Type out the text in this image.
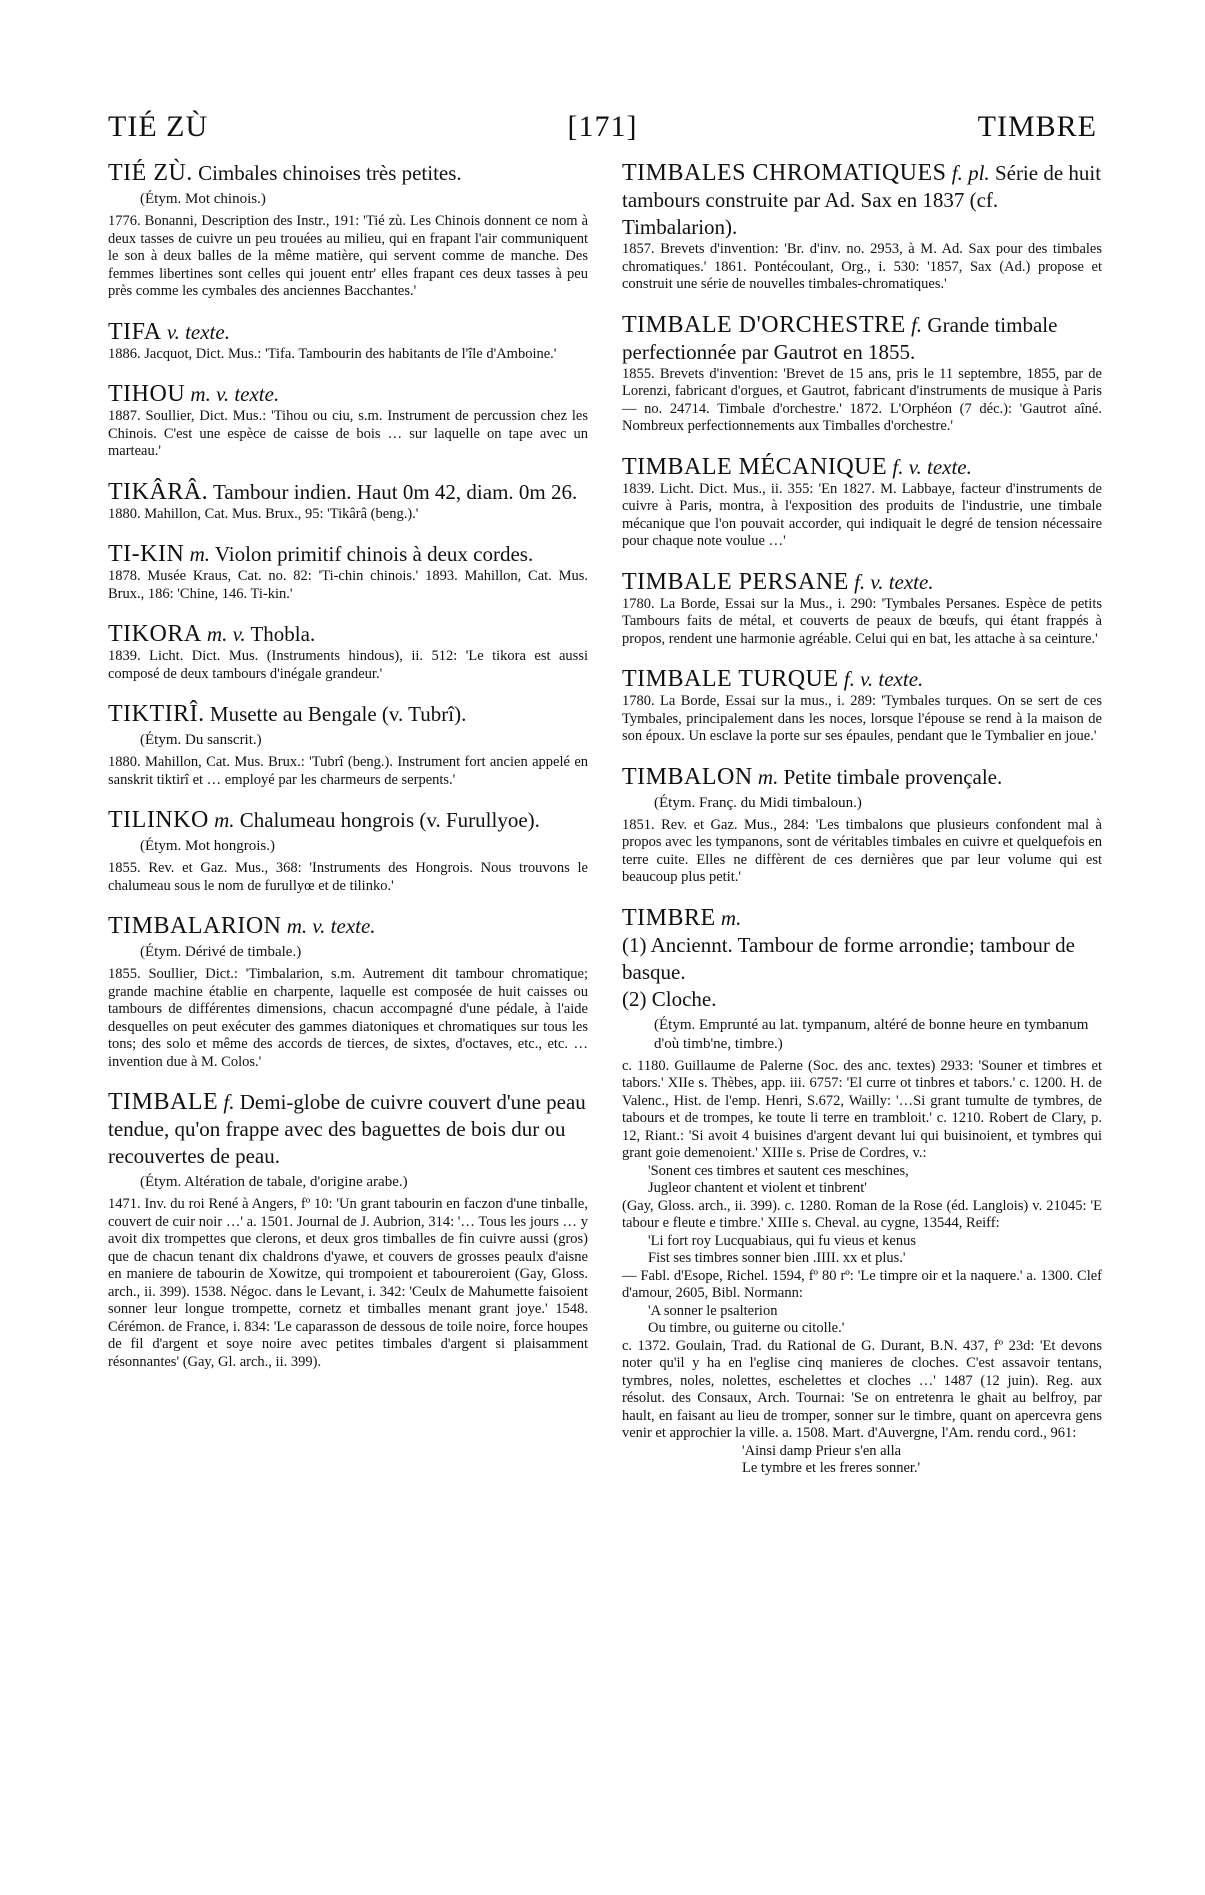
TIÉ ZÙ	[171]	TIMBRE
TIÉ ZÙ. Cimbales chinoises très petites.
(Étym. Mot chinois.)

1776. Bonanni, Description des Instr., 191: 'Tié zù. Les Chinois donnent ce nom à deux tasses de cuivre un peu trouées au milieu, qui en frapant l'air communiquent le son à deux balles de la même matière, qui servent comme de manche. Des femmes libertines sont celles qui jouent entr' elles frapant ces deux tasses à peu près comme les cymbales des anciennes Bacchantes.'

TIFA v. texte.

1886. Jacquot, Dict. Mus.: 'Tifa. Tambourin des habitants de l'île d'Amboine.'

TIHOU m. v. texte.

1887. Soullier, Dict. Mus.: 'Tihou ou ciu, s.m. Instrument de percussion chez les Chinois. C'est une espèce de caisse de bois … sur laquelle on tape avec un marteau.'

TIKÂRÂ. Tambour indien. Haut 0m 42, diam. 0m 26.

1880. Mahillon, Cat. Mus. Brux., 95: 'Tikârâ (beng.).'

TI-KIN m. Violon primitif chinois à deux cordes.

1878. Musée Kraus, Cat. no. 82: 'Ti-chin chinois.' 1893. Mahillon, Cat. Mus. Brux., 186: 'Chine, 146. Ti-kin.'

TIKORA m. v. Thobla.

1839. Licht. Dict. Mus. (Instruments hindous), ii. 512: 'Le tikora est aussi composé de deux tambours d'inégale grandeur.'

TIKTIRÎ. Musette au Bengale (v. Tubrî).
(Étym. Du sanscrit.)

1880. Mahillon, Cat. Mus. Brux.: 'Tubrî (beng.). Instrument fort ancien appelé en sanskrit tiktirî et … employé par les charmeurs de serpents.'

TILINKO m. Chalumeau hongrois (v. Furullyoe).
(Étym. Mot hongrois.)

1855. Rev. et Gaz. Mus., 368: 'Instruments des Hongrois. Nous trouvons le chalumeau sous le nom de furullyœ et de tilinko.'

TIMBALARION m. v. texte.
(Étym. Dérivé de timbale.)

1855. Soullier, Dict.: 'Timbalarion, s.m. Autrement dit tambour chromatique; grande machine établie en charpente, laquelle est composée de huit caisses ou tambours de différentes dimensions, chacun accompagné d'une pédale, à l'aide desquelles on peut exécuter des gammes diatoniques et chromatiques sur tous les tons; des solo et même des accords de tierces, de sixtes, d'octaves, etc., etc. … invention due à M. Colos.'

TIMBALE f. Demi-globe de cuivre couvert d'une peau tendue, qu'on frappe avec des baguettes de bois dur ou recouvertes de peau.
(Étym. Altération de tabale, d'origine arabe.)

1471. Inv. du roi René à Angers, fº 10: 'Un grant tabourin en faczon d'une tinballe, couvert de cuir noir …' a. 1501. Journal de J. Aubrion, 314: '… Tous les jours … y avoit dix trompettes que clerons, et deux gros timballes de fin cuivre aussi (gros) que de chacun tenant dix chaldrons d'yawe, et couvers de grosses peaulx d'aisne en maniere de tabourin de Xowitze, qui trompoient et taboureroient (Gay, Gloss. arch., ii. 399). 1538. Négoc. dans le Levant, i. 342: 'Ceulx de Mahumette faisoient sonner leur longue trompette, cornetz et timballes menant grant joye.' 1548. Cérémon. de France, i. 834: 'Le caparasson de dessous de toile noire, force houpes de fil d'argent et soye noire avec petites timbales d'argent si plaisamment résonnantes' (Gay, Gl. arch., ii. 399).

TIMBALES CHROMATIQUES f. pl. Série de huit tambours construite par Ad. Sax en 1837 (cf. Timbalarion).

1857. Brevets d'invention: 'Br. d'inv. no. 2953, à M. Ad. Sax pour des timbales chromatiques.' 1861. Pontécoulant, Org., i. 530: '1857, Sax (Ad.) propose et construit une série de nouvelles timbales-chromatiques.'

TIMBALE D'ORCHESTRE f. Grande timbale perfectionnée par Gautrot en 1855.

1855. Brevets d'invention: 'Brevet de 15 ans, pris le 11 septembre, 1855, par de Lorenzi, fabricant d'orgues, et Gautrot, fabricant d'instruments de musique à Paris — no. 24714. Timbale d'orchestre.' 1872. L'Orphéon (7 déc.): 'Gautrot aîné. Nombreux perfectionnements aux Timballes d'orchestre.'

TIMBALE MÉCANIQUE f. v. texte.

1839. Licht. Dict. Mus., ii. 355: 'En 1827. M. Labbaye, facteur d'instruments de cuivre à Paris, montra, à l'exposition des produits de l'industrie, une timbale mécanique que l'on pouvait accorder, qui indiquait le degré de tension nécessaire pour chaque note voulue …'

TIMBALE PERSANE f. v. texte.

1780. La Borde, Essai sur la Mus., i. 290: 'Tymbales Persanes. Espèce de petits Tambours faits de métal, et couverts de peaux de bœufs, qui étant frappés à propos, rendent une harmonie agréable. Celui qui en bat, les attache à sa ceinture.'

TIMBALE TURQUE f. v. texte.

1780. La Borde, Essai sur la mus., i. 289: 'Tymbales turques. On se sert de ces Tymbales, principalement dans les noces, lorsque l'épouse se rend à la maison de son époux. Un esclave la porte sur ses épaules, pendant que le Tymbalier en joue.'

TIMBALON m. Petite timbale provençale.
(Étym. Franç. du Midi timbaloun.)

1851. Rev. et Gaz. Mus., 284: 'Les timbalons que plusieurs confondent mal à propos avec les tympanons, sont de véritables timbales en cuivre et quelquefois en terre cuite. Elles ne diffèrent de ces dernières que par leur volume qui est beaucoup plus petit.'

TIMBRE m.
(1) Anciennt. Tambour de forme arrondie; tambour de basque.
(2) Cloche.
(Étym. Emprunté au lat. tympanum, altéré de bonne heure en tymbanum d'où timb'ne, timbre.)
c. 1180. Guillaume de Palerne (Soc. des anc. textes) 2933: 'Souner et timbres et tabors.' XIIe s. Thèbes, app. iii. 6757: 'El curre ot tinbres et tabors.' c. 1200. H. de Valenc., Hist. de l'emp. Henri, S.672, Wailly: '…Si grant tumulte de tymbres, de tabours et de trompes, ke toute li terre en trambloit.' c. 1210. Robert de Clary, p. 12, Riant.: 'Si avoit 4 buisines d'argent devant lui qui buisinoient, et tymbres qui grant goie demenoient.' XIIIe s. Prise de Cordres, v.:
'Sonent ces timbres et sautent ces meschines,
Jugleor chantent et violent et tinbrent'
(Gay, Gloss. arch., ii. 399). c. 1280. Roman de la Rose (éd. Langlois) v. 21045: 'E tabour e fleute e timbre.' XIIIe s. Cheval. au cygne, 13544, Reiff:
'Li fort roy Lucquabiaus, qui fu vieus et kenus
Fist ses timbres sonner bien .IIII. xx et plus.'
— Fabl. d'Esope, Richel. 1594, fº 80 rº: 'Le timpre oir et la naquere.' a. 1300. Clef d'amour, 2605, Bibl. Normann:
'A sonner le psalterion
Ou timbre, ou guiterne ou citolle.'
c. 1372. Goulain, Trad. du Rational de G. Durant, B.N. 437, fº 23d: 'Et devons noter qu'il y ha en l'eglise cinq manieres de cloches. C'est assavoir tentans, tymbres, noles, nolettes, eschelettes et cloches …' 1487 (12 juin). Reg. aux résolut. des Consaux, Arch. Tournai: 'Se on entretenra le ghait au belfroy, par hault, en faisant au lieu de tromper, sonner sur le timbre, quant on apercevra gens venir et approchier la ville. a. 1508. Mart. d'Auvergne, l'Am. rendu cord., 961:
'Ainsi damp Prieur s'en alla
Le tymbre et les freres sonner.'
